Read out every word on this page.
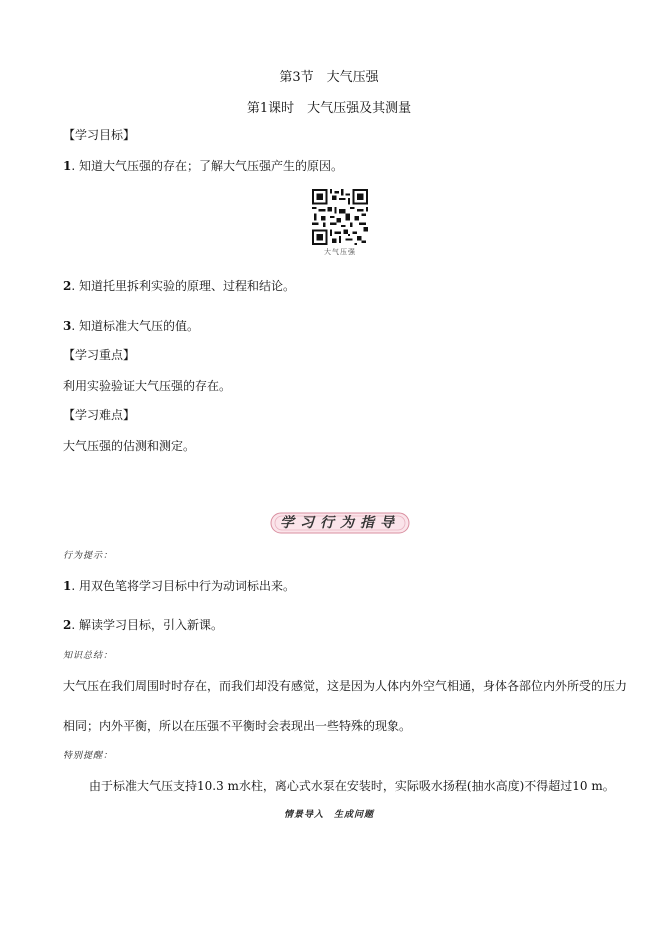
第3节　大气压强
第1课时　大气压强及其测量
【学习目标】
1. 知道大气压强的存在；了解大气压强产生的原因。
大气压强
2. 知道托里拆利实验的原理、过程和结论。
3. 知道标准大气压的值。
【学习重点】
利用实验验证大气压强的存在。
【学习难点】
大气压强的估测和测定。
学习行为指导
行为提示：
1. 用双色笔将学习目标中行为动词标出来。
2. 解读学习目标，引入新课。
知识总结：
大气压在我们周围时时存在，而我们却没有感觉，这是因为人体内外空气相通，身体各部位内外所受的压力
相同；内外平衡，所以在压强不平衡时会表现出一些特殊的现象。
特别提醒：
由于标准大气压支持10.3 m水柱，离心式水泵在安装时，实际吸水扬程(抽水高度)不得超过10 m。
情景导入　生成问题
